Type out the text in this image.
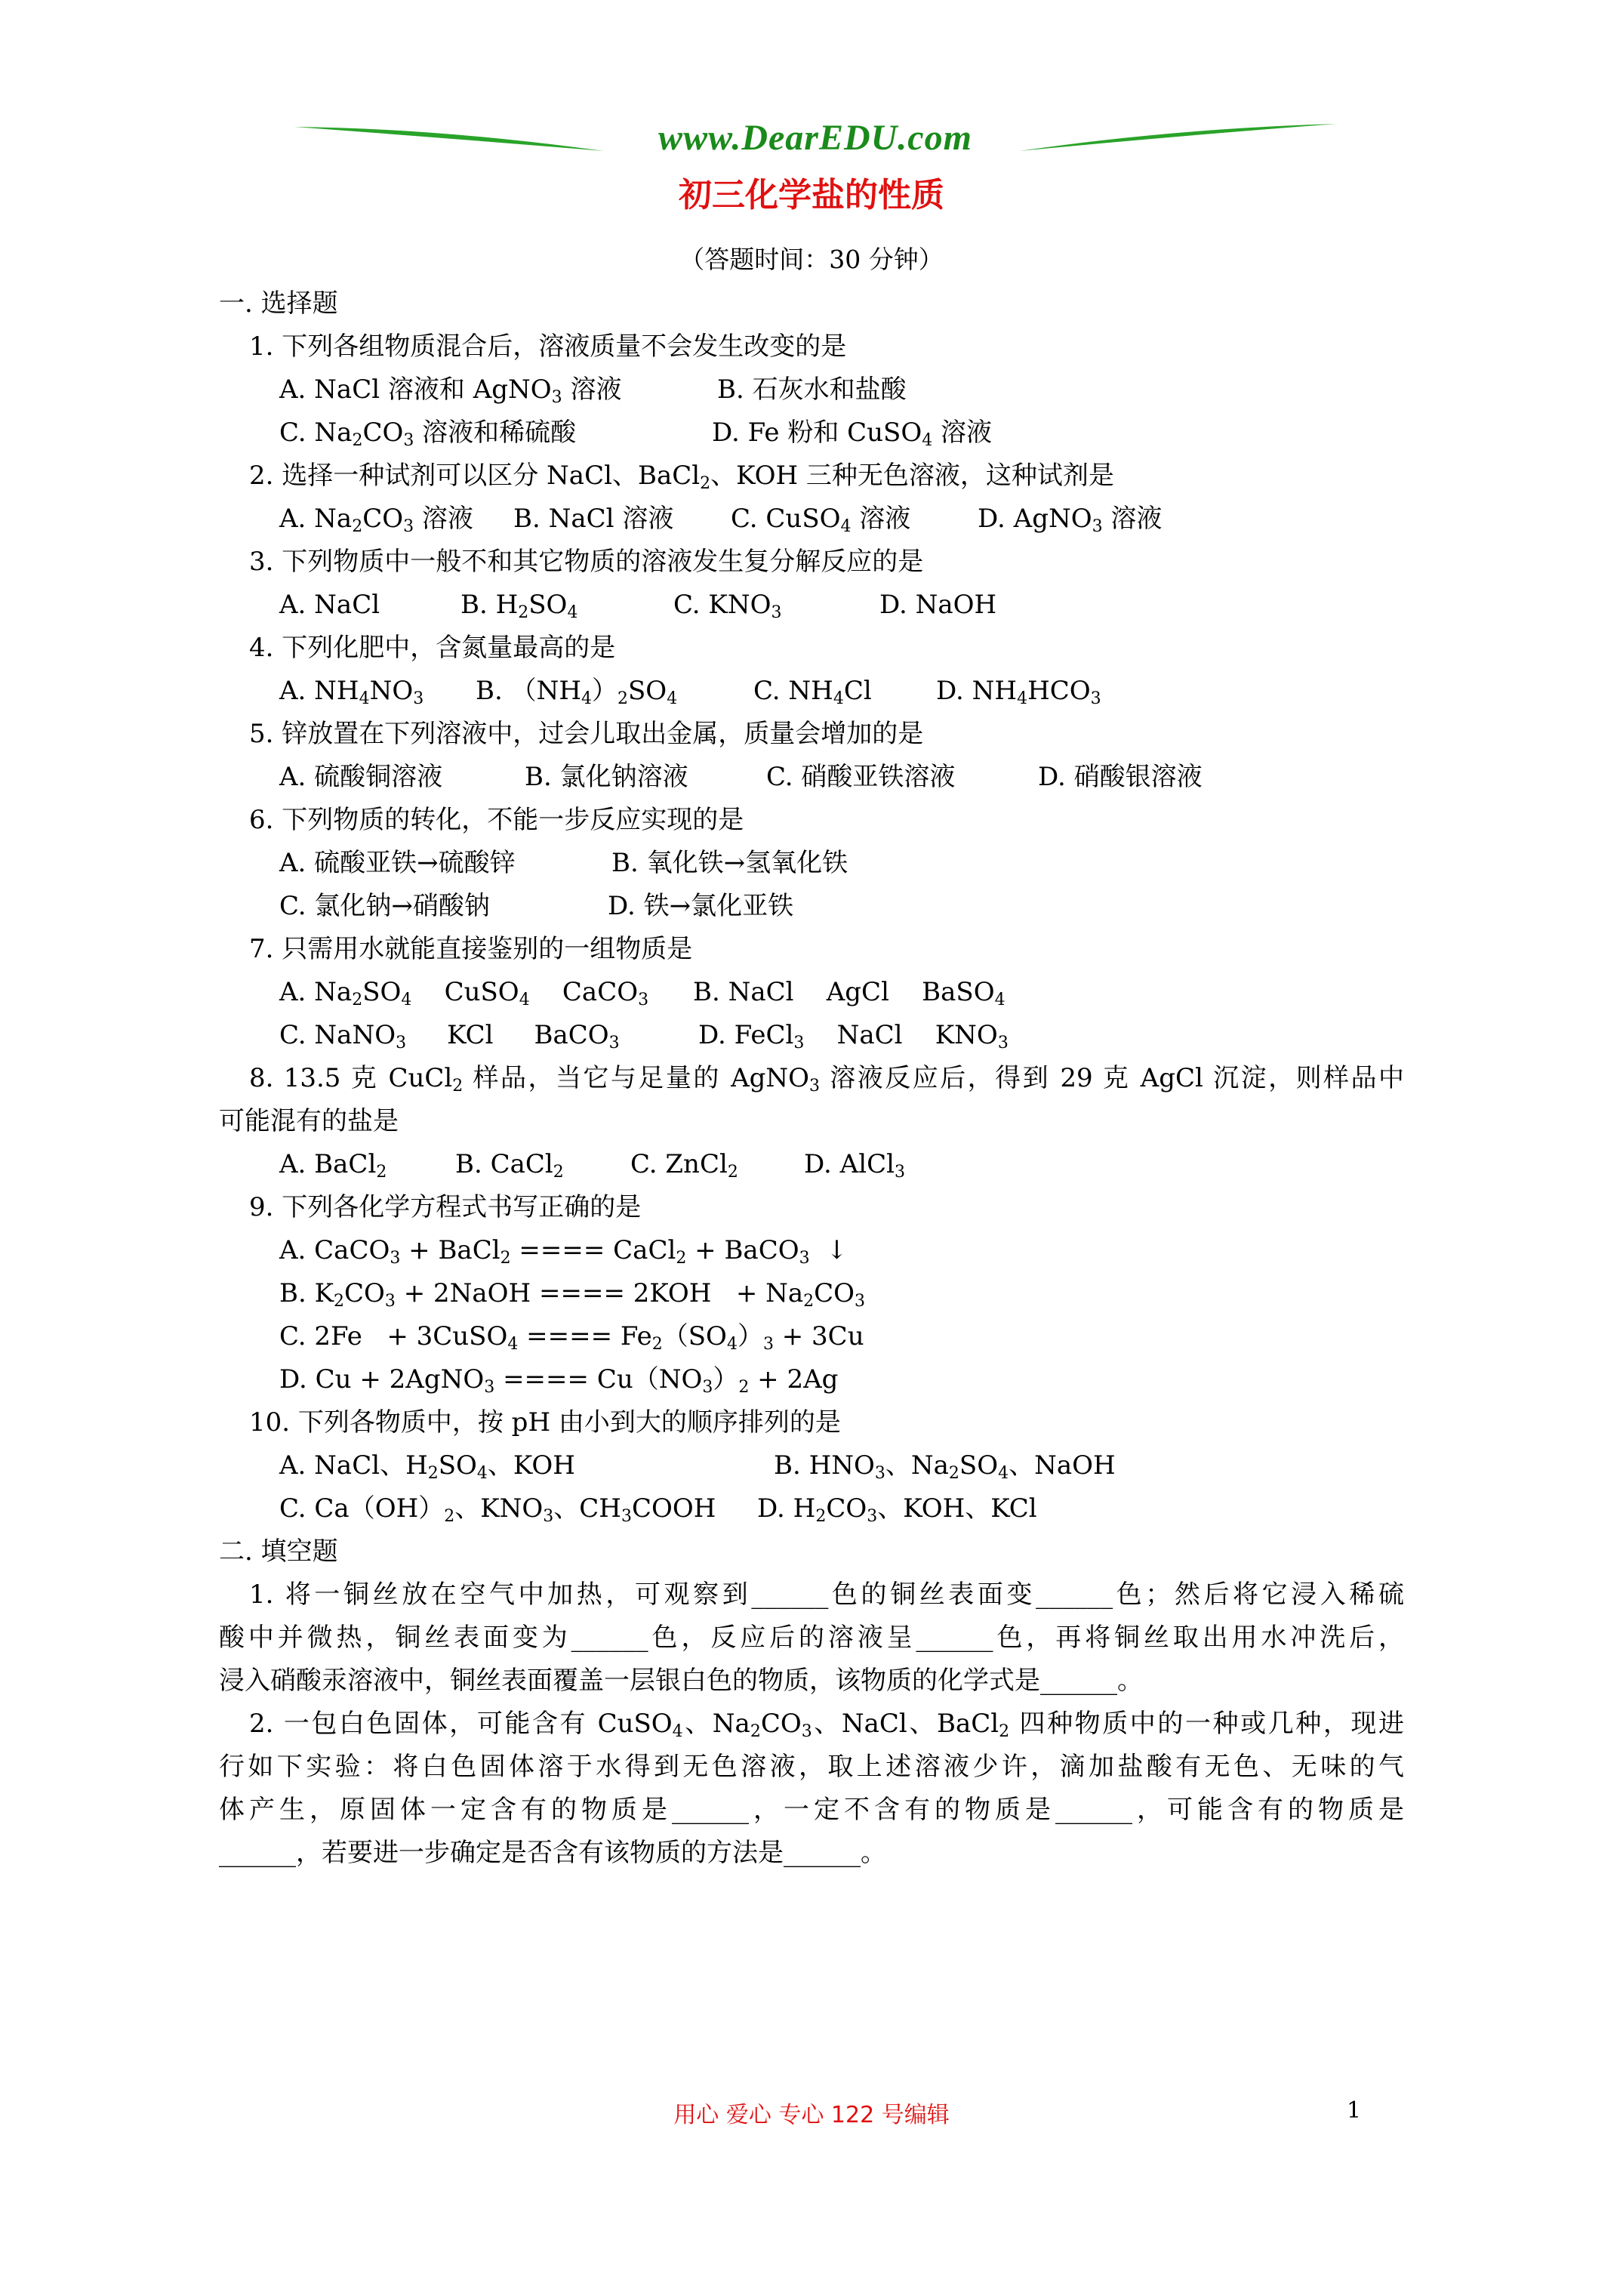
www.DearEDU.com
初三化学盐的性质
（答题时间：30 分钟）
一. 选择题
1. 下列各组物质混合后，溶液质量不会发生改变的是
A. NaCl 溶液和 AgNO$_3$ 溶液	B. 石灰水和盐酸
C. $Na_2CO_3$ 溶液和稀硫酸	D. Fe 粉和 CuSO$_4$ 溶液
2. 选择一种试剂可以区分 NaCl、BaCl$_2$、KOH 三种无色溶液，这种试剂是
A. $Na_2CO_3$ 溶液 B. NaCl 溶液 C. CuSO$_4$ 溶液	D. AgNO$_3$ 溶液
3. 下列物质中一般不和其它物质的溶液发生复分解反应的是
A. NaCl	B. $H_2SO_4$	C. $KNO_3$	D. NaOH
4. 下列化肥中，含氮量最高的是
A. $NH_4NO_3$ B. $(NH_4)_2SO_4$	C. $NH_4Cl$	D. $NH_4HCO_3$
5. 锌放置在下列溶液中，过会儿取出金属，质量会增加的是
A. 硫酸铜溶液	B. 氯化钠溶液	C. 硝酸亚铁溶液	D. 硝酸银溶液
6. 下列物质的转化，不能一步反应实现的是
A. 硫酸亚铁→硫酸锌	B. 氧化铁→氢氧化铁
C. 氯化钠→硝酸钠	D. 铁→氯化亚铁
7. 只需用水就能直接鉴别的一组物质是
A. $Na_2SO_4$    CuSO$_4$    CaCO$_3$ B. NaCl    AgCl    BaSO$_4$
C. NaNO$_3$     KCl     BaCO$_3$	D. FeCl$_3$    NaCl    $KNO_3$
8. 13.5 克 CuCl$_2$ 样品，当它与足量的 AgNO$_3$ 溶液反应后，得到 29 克 AgCl 沉淀，则样品中
可能混有的盐是
A. BaCl$_2$	B. CaCl$_2$	C. ZnCl$_2$	D. AlCl$_3$
9. 下列各化学方程式书写正确的是
A. CaCO$_3$ + BaCl$_2$ ==== CaCl$_2$ + BaCO$_3$  ↓
B. $K_2CO_3$ + 2NaOH ==== $2KOH + Na_2CO_3$
C. 2Fe   + 3CuSO$_4$ ==== $Fe_2(SO_4)_3 + 3Cu$
D. Cu + 2AgNO$_3$ ==== $Cu(NO_3)_2 + 2Ag$
10. 下列各物质中，按 pH 由小到大的顺序排列的是
A. NaCl、$H_2SO_4$、KOH	B. $HNO_3$、$Na_2SO_4$、NaOH
C. $Ca(OH)_2$、$KNO_3$、$CH_3COOH$ D. $H_2CO_3$、KOH、KCl
二. 填空题
1. 将一铜丝放在空气中加热，可观察到______色的铜丝表面变______色；然后将它浸入稀硫
酸中并微热，铜丝表面变为______色，反应后的溶液呈______色，再将铜丝取出用水冲洗后，
浸入硝酸汞溶液中，铜丝表面覆盖一层银白色的物质，该物质的化学式是______。
2. 一包白色固体，可能含有 CuSO$_4$、$Na_2CO_3$、NaCl、BaCl$_2$ 四种物质中的一种或几种，现进
行如下实验：将白色固体溶于水得到无色溶液，取上述溶液少许，滴加盐酸有无色、无味的气
体产生，原固体一定含有的物质是______，一定不含有的物质是______，可能含有的物质是
______，若要进一步确定是否含有该物质的方法是______。
用心 爱心 专心 122 号编辑	1
